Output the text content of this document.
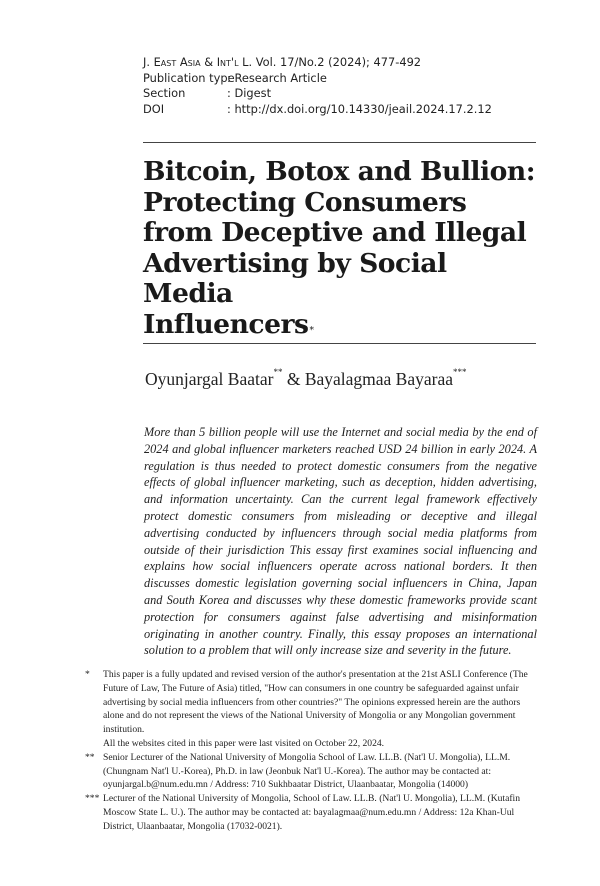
J. East Asia & Int'l L. Vol. 17/No.2 (2024); 477-492
Publication type: Research Article
Section	: Digest
DOI	: http://dx.doi.org/10.14330/jeail.2024.17.2.12
Bitcoin, Botox and Bullion:
Protecting Consumers
from Deceptive and Illegal
Advertising by Social Media
Influencers*
Oyunjargal Baatar** & Bayalagmaa Bayaraa***
More than 5 billion people will use the Internet and social media by the end of 2024 and global influencer marketers reached USD 24 billion in early 2024. A regulation is thus needed to protect domestic consumers from the negative effects of global influencer marketing, such as deception, hidden advertising, and information uncertainty. Can the current legal framework effectively protect domestic consumers from misleading or deceptive and illegal advertising conducted by influencers through social media platforms from outside of their jurisdiction This essay first examines social influencing and explains how social influencers operate across national borders. It then discusses domestic legislation governing social influencers in China, Japan and South Korea and discusses why these domestic frameworks provide scant protection for consumers against false advertising and misinformation originating in another country. Finally, this essay proposes an international solution to a problem that will only increase size and severity in the future.
*	This paper is a fully updated and revised version of the author's presentation at the 21st ASLI Conference (The Future of Law, The Future of Asia) titled, "How can consumers in one country be safeguarded against unfair advertising by social media influencers from other countries?" The opinions expressed herein are the authors alone and do not represent the views of the National University of Mongolia or any Mongolian government institution.
All the websites cited in this paper were last visited on October 22, 2024.
** Senior Lecturer of the National University of Mongolia School of Law. LL.B. (Nat'l U. Mongolia), LL.M. (Chungnam Nat'l U.-Korea), Ph.D. in law (Jeonbuk Nat'l U.-Korea). The author may be contacted at: oyunjargal.b@num.edu.mn / Address: 710 Sukhbaatar District, Ulaanbaatar, Mongolia (14000)
*** Lecturer of the National University of Mongolia, School of Law. LL.B. (Nat'l U. Mongolia), LL.M. (Kutafin Moscow State L. U.). The author may be contacted at: bayalagmaa@num.edu.mn / Address: 12a Khan-Uul District, Ulaanbaatar, Mongolia (17032-0021).
